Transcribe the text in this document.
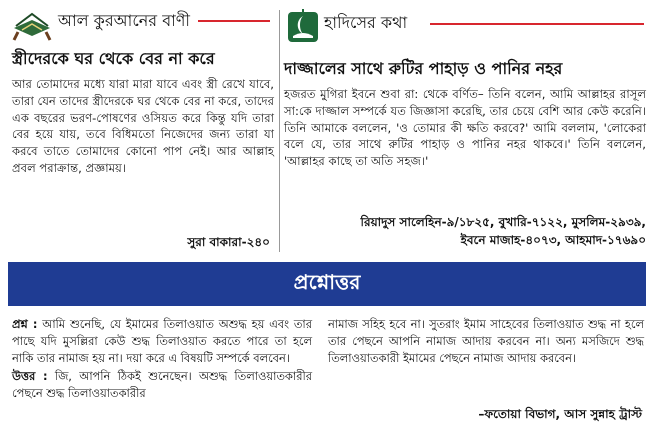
আল কুরআনের বাণী
স্ত্রীদেরকে ঘর থেকে বের না করে

আর তোমাদের মধ্যে যারা মারা যাবে এবং স্ত্রী রেখে যাবে, তারা যেন তাদের স্ত্রীদেরকে ঘর থেকে বের না করে, তাদের এক বছরের ভরণ-পোষণের ওসিয়ত করে কিন্তু যদি তারা বের হয়ে যায়, তবে বিধিমতো নিজেদের জন্য তারা যা করবে তাতে তোমাদের কোনো পাপ নেই। আর আল্লাহ প্রবল পরাক্রান্ত, প্রজ্ঞাময়।

সুরা বাকারা-২৪০
হাদিসের কথা
দাজ্জালের সাথে রুটির পাহাড় ও পানির নহর

হজরত মুগিরা ইবনে শুবা রা: থেকে বর্ণিত– তিনি বলেন, আমি আল্লাহর রাসূল সা:কে দাজ্জাল সম্পর্কে যত জিজ্ঞাসা করেছি, তার চেয়ে বেশি আর কেউ করেনি। তিনি আমাকে বললেন, 'ও তোমার কী ক্ষতি করবে?' আমি বললাম, 'লোকেরা বলে যে, তার সাথে রুটির পাহাড় ও পানির নহর থাকবে।' তিনি বললেন, 'আল্লাহর কাছে তা অতি সহজ।'

রিয়াদুস সালেহিন-৯/১৮২৫, বুখারি-৭১২২, মুসলিম-২৯৩৯,
ইবনে মাজাহ-৪০৭৩, আহমাদ-১৭৬৯০
প্রশ্নোত্তর

প্রশ্ন : আমি শুনেছি, যে ইমামের তিলাওয়াত অশুদ্ধ হয় এবং তার পাছে যদি মুসল্লিরা কেউ শুদ্ধ তিলাওয়াত করতে পারে তা হলে নাকি তার নামাজ হয় না। দয়া করে এ বিষয়টি সম্পর্কে বলবেন।

উত্তর : জি, আপনি ঠিকই শুনেছেন। অশুদ্ধ তিলাওয়াতকারীর পেছনে শুদ্ধ তিলাওয়াতকারীর

নামাজ সহিহ হবে না। সুতরাং ইমাম সাহেবের তিলাওয়াত শুদ্ধ না হলে তার পেছনে আপনি নামাজ আদায় করবেন না। অন্য মসজিদে শুদ্ধ তিলাওয়াতকারী ইমামের পেছনে নামাজ আদায় করবেন।

–ফতোয়া বিভাগ, আস সুন্নাহ ট্রাস্ট
